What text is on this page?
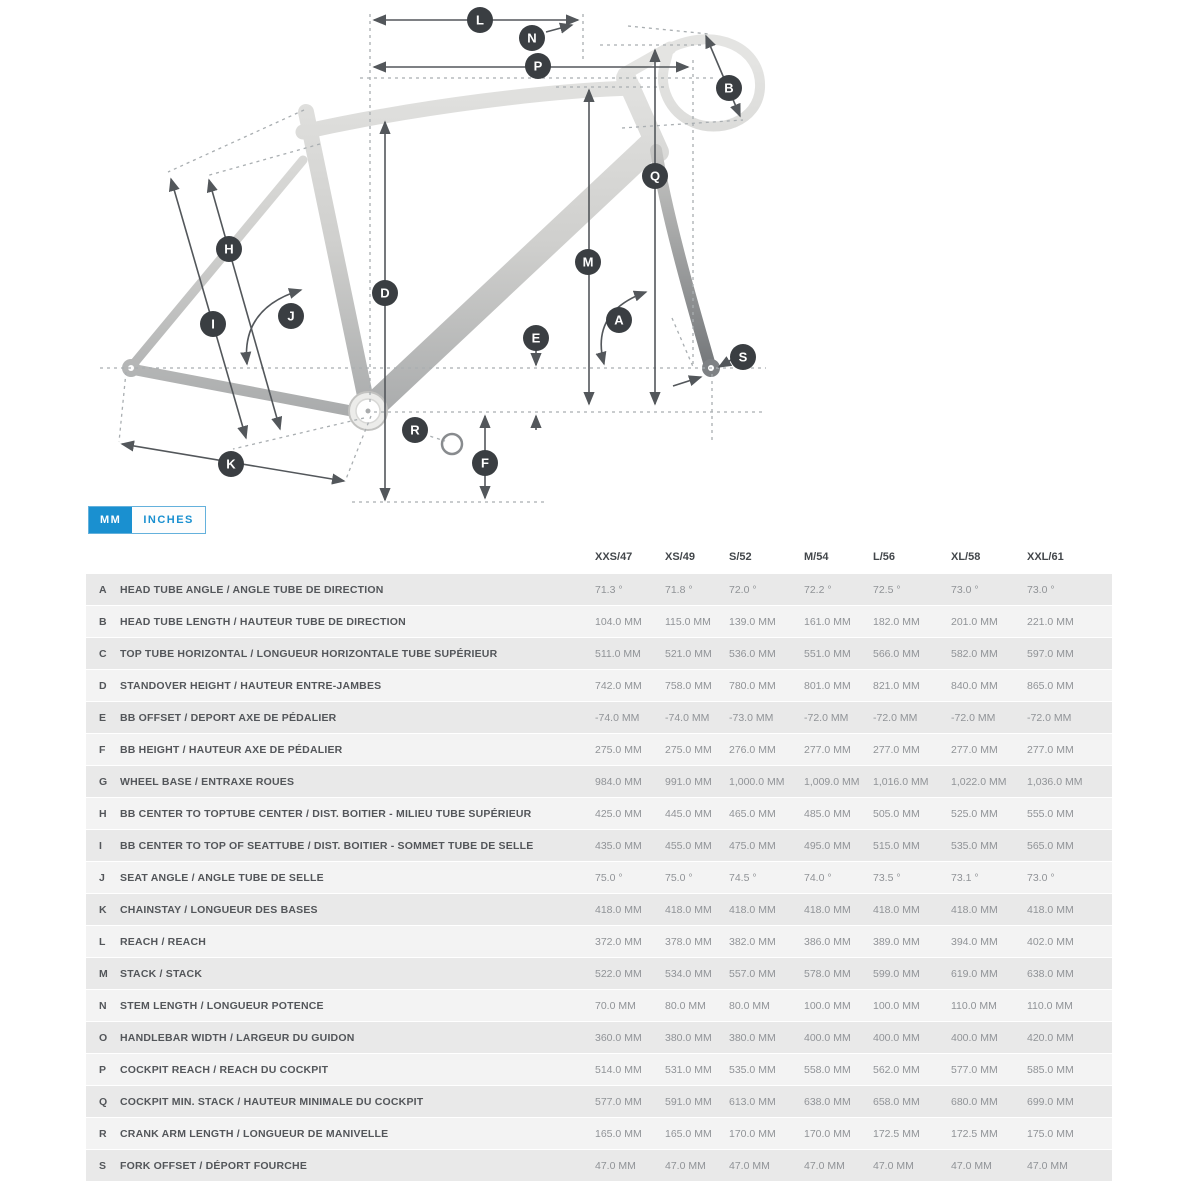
L
N
P
B
Q
M
A
S
E
D
H
I
J
K
R
F
MM	INCHES
XXS/47	XS/49	S/52	M/54	L/56	XL/58	XXL/61
A	HEAD TUBE ANGLE / ANGLE TUBE DE DIRECTION	71.3 °	71.8 °	72.0 °	72.2 °	72.5 °	73.0 °	73.0 °
B	HEAD TUBE LENGTH / HAUTEUR TUBE DE DIRECTION	104.0 MM	115.0 MM	139.0 MM	161.0 MM	182.0 MM	201.0 MM	221.0 MM
C	TOP TUBE HORIZONTAL / LONGUEUR HORIZONTALE TUBE SUPÉRIEUR	511.0 MM	521.0 MM	536.0 MM	551.0 MM	566.0 MM	582.0 MM	597.0 MM
D	STANDOVER HEIGHT / HAUTEUR ENTRE-JAMBES	742.0 MM	758.0 MM	780.0 MM	801.0 MM	821.0 MM	840.0 MM	865.0 MM
E	BB OFFSET / DEPORT AXE DE PÉDALIER	-74.0 MM	-74.0 MM	-73.0 MM	-72.0 MM	-72.0 MM	-72.0 MM	-72.0 MM
F	BB HEIGHT / HAUTEUR AXE DE PÉDALIER	275.0 MM	275.0 MM	276.0 MM	277.0 MM	277.0 MM	277.0 MM	277.0 MM
G	WHEEL BASE / ENTRAXE ROUES	984.0 MM	991.0 MM	1,000.0 MM	1,009.0 MM	1,016.0 MM	1,022.0 MM	1,036.0 MM
H	BB CENTER TO TOPTUBE CENTER / DIST. BOITIER - MILIEU TUBE SUPÉRIEUR	425.0 MM	445.0 MM	465.0 MM	485.0 MM	505.0 MM	525.0 MM	555.0 MM
I	BB CENTER TO TOP OF SEATTUBE / DIST. BOITIER - SOMMET TUBE DE SELLE	435.0 MM	455.0 MM	475.0 MM	495.0 MM	515.0 MM	535.0 MM	565.0 MM
J	SEAT ANGLE / ANGLE TUBE DE SELLE	75.0 °	75.0 °	74.5 °	74.0 °	73.5 °	73.1 °	73.0 °
K	CHAINSTAY / LONGUEUR DES BASES	418.0 MM	418.0 MM	418.0 MM	418.0 MM	418.0 MM	418.0 MM	418.0 MM
L	REACH / REACH	372.0 MM	378.0 MM	382.0 MM	386.0 MM	389.0 MM	394.0 MM	402.0 MM
M	STACK / STACK	522.0 MM	534.0 MM	557.0 MM	578.0 MM	599.0 MM	619.0 MM	638.0 MM
N	STEM LENGTH / LONGUEUR POTENCE	70.0 MM	80.0 MM	80.0 MM	100.0 MM	100.0 MM	110.0 MM	110.0 MM
O	HANDLEBAR WIDTH / LARGEUR DU GUIDON	360.0 MM	380.0 MM	380.0 MM	400.0 MM	400.0 MM	400.0 MM	420.0 MM
P	COCKPIT REACH / REACH DU COCKPIT	514.0 MM	531.0 MM	535.0 MM	558.0 MM	562.0 MM	577.0 MM	585.0 MM
Q	COCKPIT MIN. STACK / HAUTEUR MINIMALE DU COCKPIT	577.0 MM	591.0 MM	613.0 MM	638.0 MM	658.0 MM	680.0 MM	699.0 MM
R	CRANK ARM LENGTH / LONGUEUR DE MANIVELLE	165.0 MM	165.0 MM	170.0 MM	170.0 MM	172.5 MM	172.5 MM	175.0 MM
S	FORK OFFSET / DÉPORT FOURCHE	47.0 MM	47.0 MM	47.0 MM	47.0 MM	47.0 MM	47.0 MM	47.0 MM
